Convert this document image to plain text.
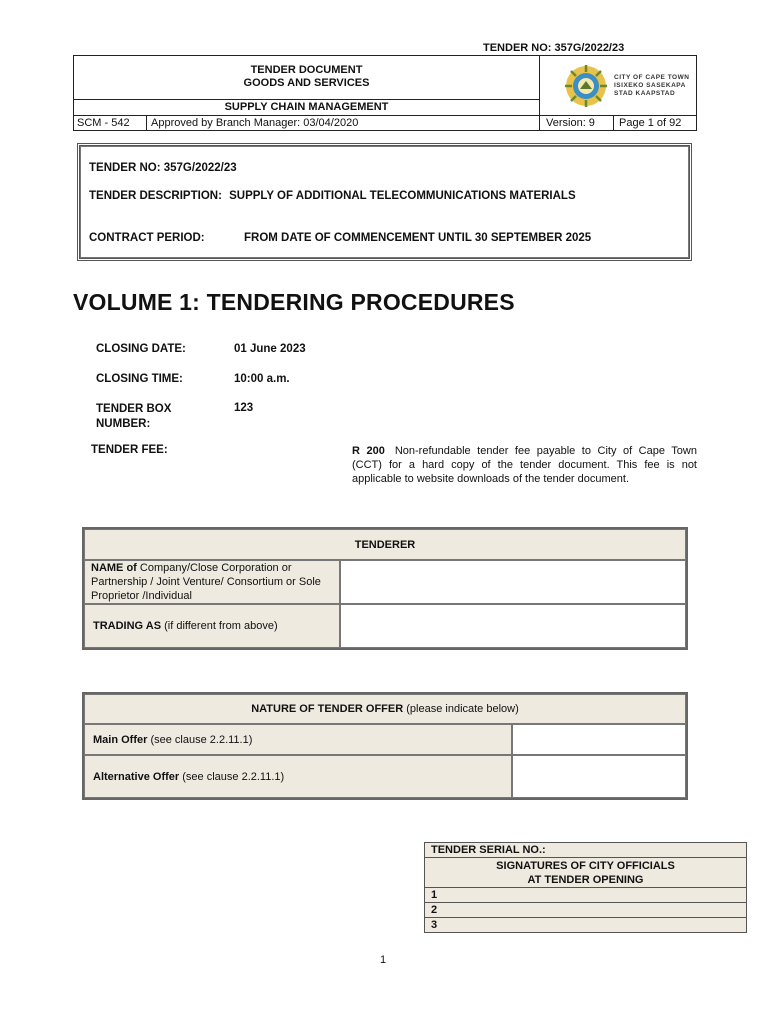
TENDER NO: 357G/2022/23
TENDER DOCUMENT
GOODS AND SERVICES
SUPPLY CHAIN MANAGEMENT
SCM - 542	Approved by Branch Manager: 03/04/2020
CITY OF CAPE TOWN
ISIXEKO SASEKAPA
STAD KAAPSTAD
Version: 9	Page 1 of 92
TENDER NO: 357G/2022/23
TENDER DESCRIPTION: SUPPLY OF ADDITIONAL TELECOMMUNICATIONS MATERIALS
CONTRACT PERIOD:	FROM DATE OF COMMENCEMENT UNTIL 30 SEPTEMBER 2025
VOLUME 1: TENDERING PROCEDURES
CLOSING DATE:	01 June 2023
CLOSING TIME:	10:00 a.m.
TENDER BOX
NUMBER:
123
TENDER FEE:	R 200 Non-refundable tender fee payable to City of Cape Town (CCT) for a hard copy of the tender document. This fee is not applicable to website downloads of the tender document.
TENDERER	
NAME of Company/Close Corporation or Partnership / Joint Venture/ Consortium or Sole Proprietor /Individual	
TRADING AS (if different from above)	
NATURE OF TENDER OFFER (please indicate below)	
Main Offer (see clause 2.2.11.1)	
Alternative Offer (see clause 2.2.11.1)	
TENDER SERIAL NO.:

SIGNATURES OF CITY OFFICIALS
AT TENDER OPENING

1
2
3
1
